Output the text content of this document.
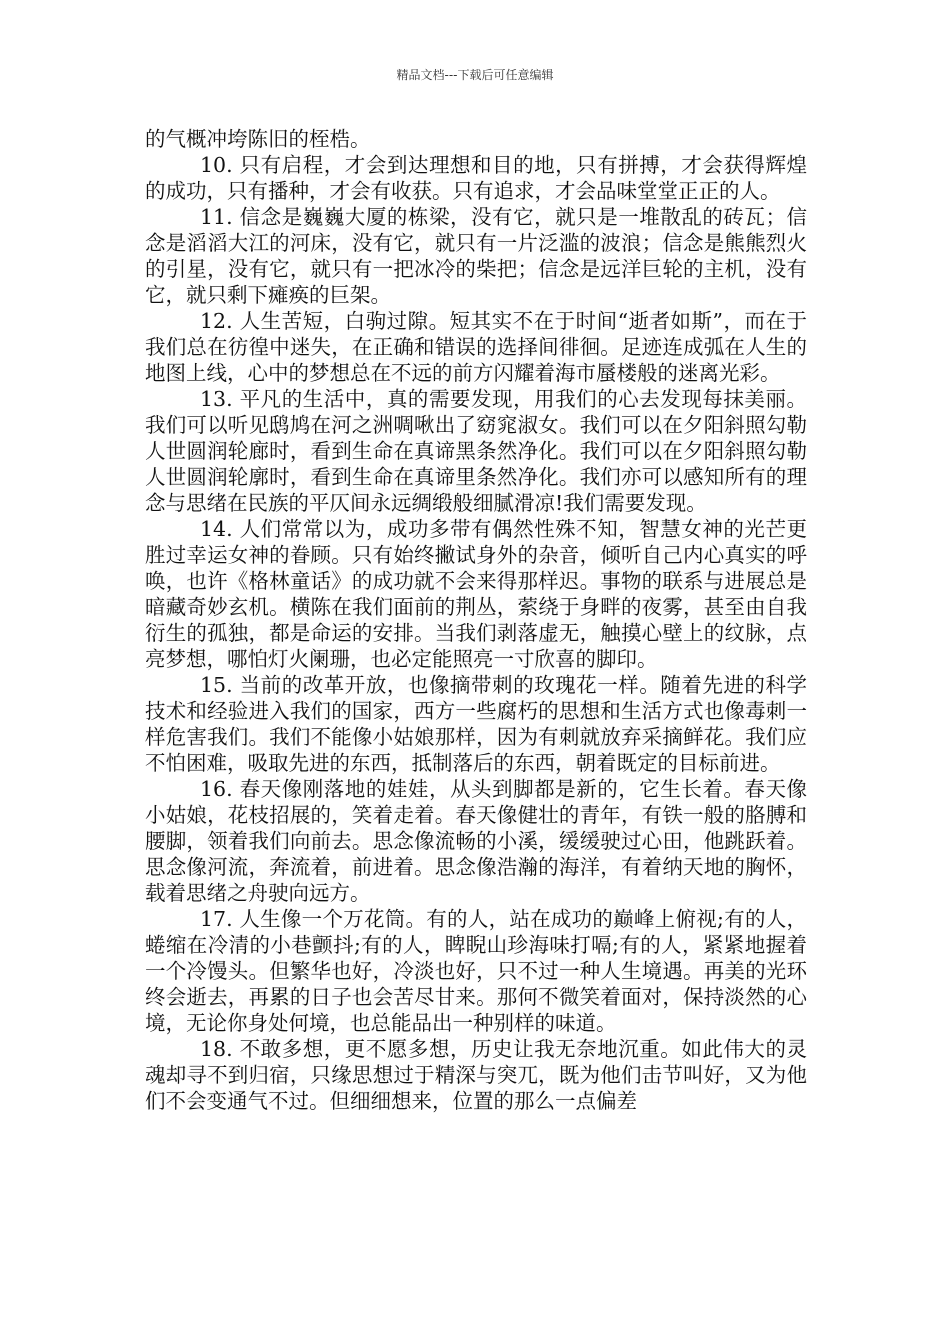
精品文档---下载后可任意编辑

的气概冲垮陈旧的桎梏。

10. 只有启程，才会到达理想和目的地，只有拼搏，才会获得辉煌的成功，只有播种，才会有收获。只有追求，才会品味堂堂正正的人。

11. 信念是巍巍大厦的栋梁，没有它，就只是一堆散乱的砖瓦；信念是滔滔大江的河床，没有它，就只有一片泛滥的波浪；信念是熊熊烈火的引星，没有它，就只有一把冰冷的柴把；信念是远洋巨轮的主机，没有它，就只剩下瘫痪的巨架。

12. 人生苦短，白驹过隙。短其实不在于时间“逝者如斯”，而在于我们总在彷徨中迷失，在正确和错误的选择间徘徊。足迹连成弧在人生的地图上线，心中的梦想总在不远的前方闪耀着海市蜃楼般的迷离光彩。

13. 平凡的生活中，真的需要发现，用我们的心去发现每抹美丽。我们可以听见鸱鸠在河之洲啁啾出了窈窕淑女。我们可以在夕阳斜照勾勒人世圆润轮廊时，看到生命在真谛黑条然净化。我们可以在夕阳斜照勾勒人世圆润轮廓时，看到生命在真谛里条然净化。我们亦可以感知所有的理念与思绪在民族的平仄间永远绸缎般细腻滑凉!我们需要发现。

14. 人们常常以为，成功多带有偶然性殊不知，智慧女神的光芒更胜过幸运女神的眷顾。只有始终撇试身外的杂音，倾听自己内心真实的呼唤，也许《格林童话》的成功就不会来得那样迟。事物的联系与进展总是暗藏奇妙玄机。横陈在我们面前的荆丛，萦绕于身畔的夜雾，甚至由自我衍生的孤独，都是命运的安排。当我们剥落虚无，触摸心壁上的纹脉，点亮梦想，哪怕灯火阑珊，也必定能照亮一寸欣喜的脚印。

15. 当前的改革开放，也像摘带刺的玫瑰花一样。随着先进的科学技术和经验进入我们的国家，西方一些腐朽的思想和生活方式也像毒刺一样危害我们。我们不能像小姑娘那样，因为有刺就放弃采摘鲜花。我们应不怕困难，吸取先进的东西，抵制落后的东西，朝着既定的目标前进。

16. 春天像刚落地的娃娃，从头到脚都是新的，它生长着。春天像小姑娘，花枝招展的，笑着走着。春天像健壮的青年，有铁一般的胳膊和腰脚，领着我们向前去。思念像流畅的小溪，缓缓驶过心田，他跳跃着。思念像河流，奔流着，前进着。思念像浩瀚的海洋，有着纳天地的胸怀，载着思绪之舟驶向远方。

17. 人生像一个万花筒。有的人，站在成功的巅峰上俯视;有的人，蜷缩在冷清的小巷颤抖;有的人，睥睨山珍海味打嗝;有的人，紧紧地握着一个冷馒头。但繁华也好，冷淡也好，只不过一种人生境遇。再美的光环终会逝去，再累的日子也会苦尽甘来。那何不微笑着面对，保持淡然的心境，无论你身处何境，也总能品出一种别样的味道。

18. 不敢多想，更不愿多想，历史让我无奈地沉重。如此伟大的灵魂却寻不到归宿，只缘思想过于精深与突兀，既为他们击节叫好，又为他们不会变通气不过。但细细想来，位置的那么一点偏差
